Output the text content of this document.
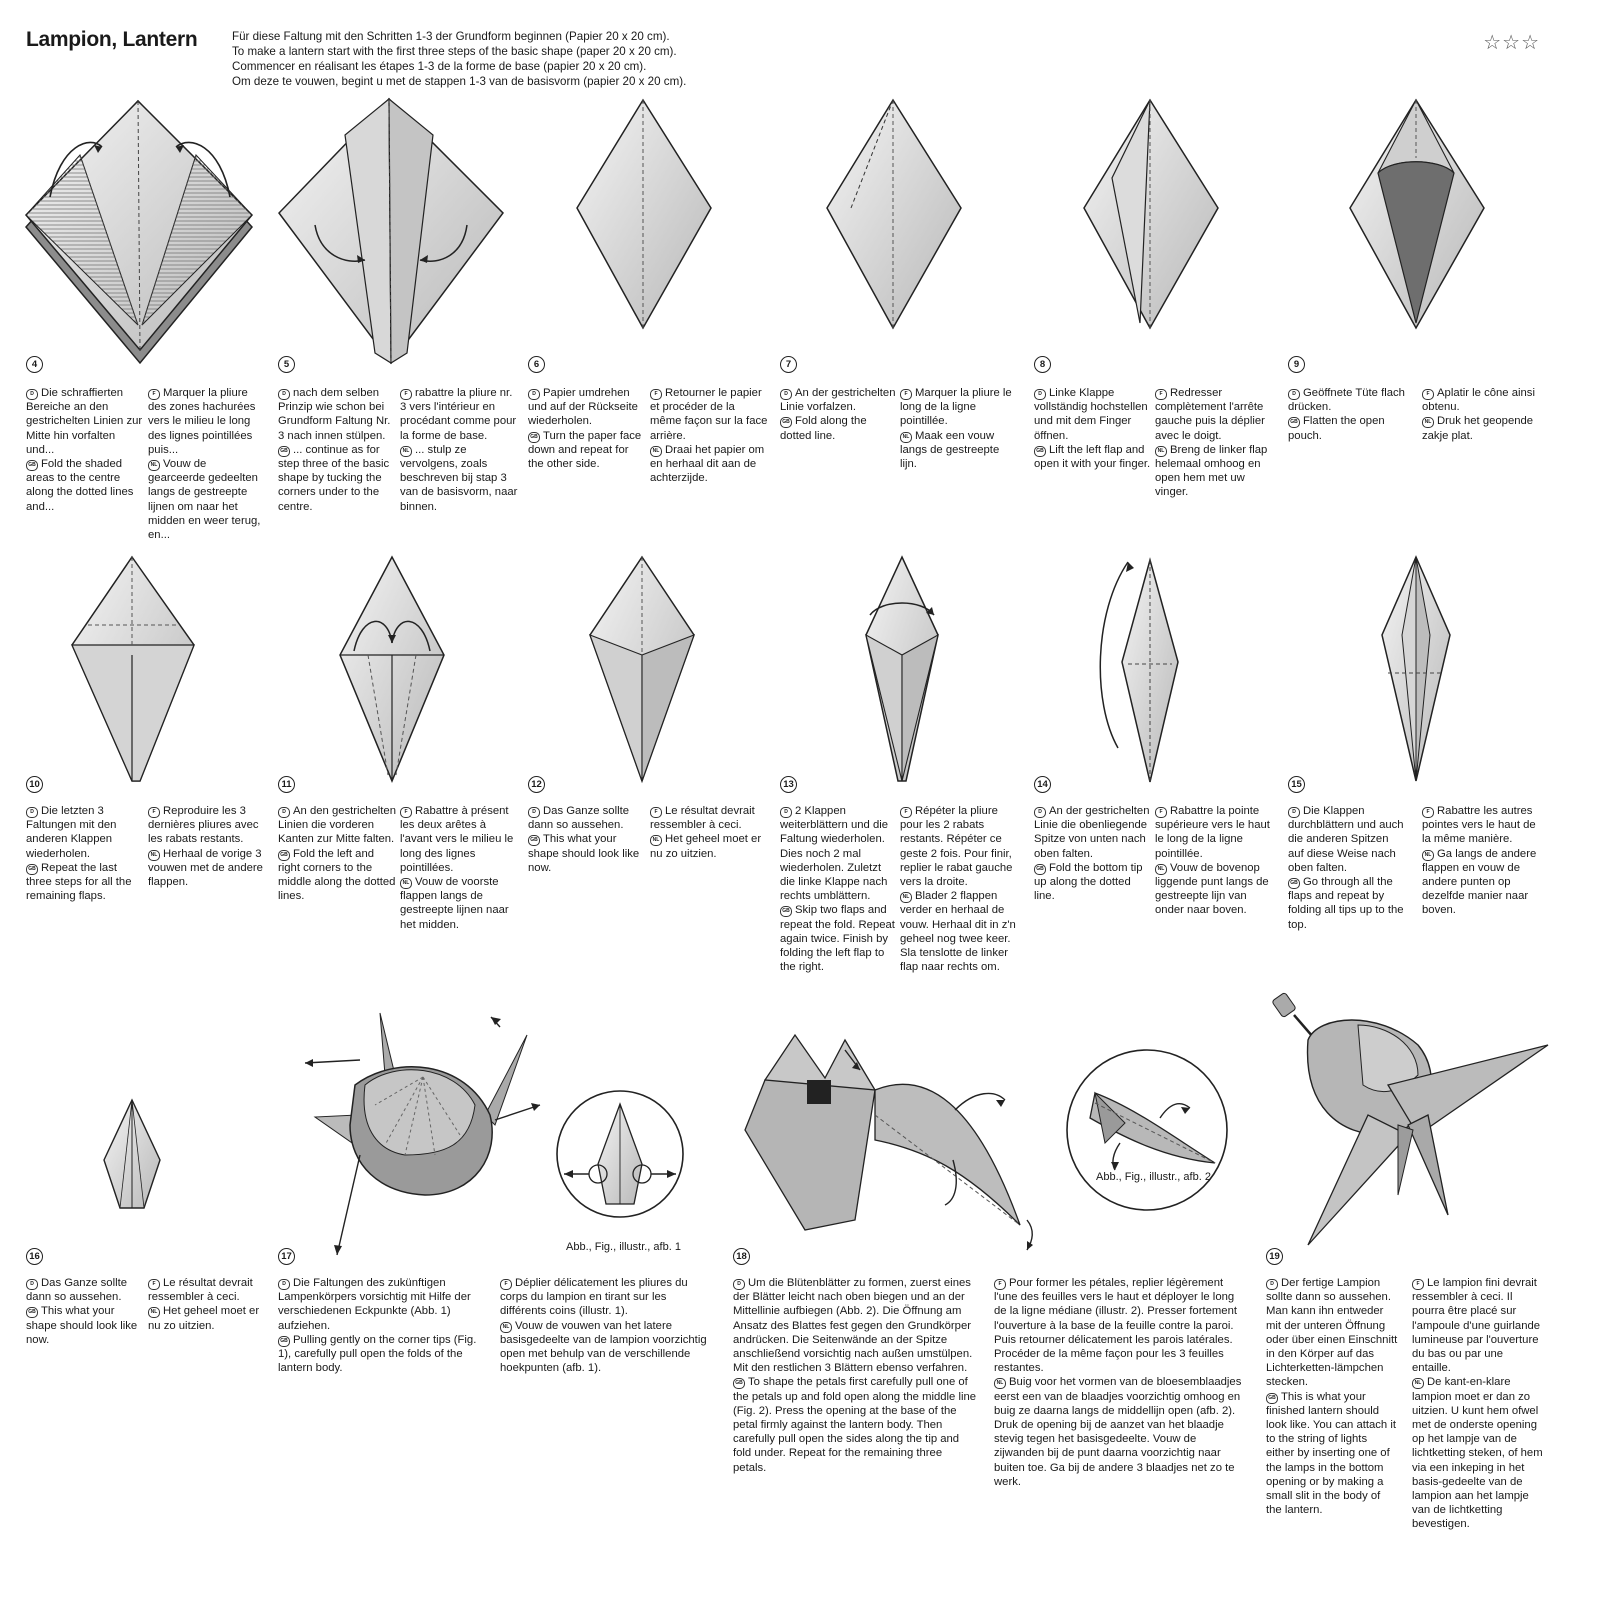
Lampion, Lantern	Für diese Faltung mit den Schritten 1-3 der Grundform beginnen (Papier 20 x 20 cm).
To make a lantern start with the first three steps of the basic shape (paper 20 x 20 cm).
Commencer en réalisant les étapes 1-3 de la forme de base (papier 20 x 20 cm).
Om deze te vouwen, begint u met de stappen 1-3 van de basisvorm (papier 20 x 20 cm).
☆☆☆
4

D Die schraffierten Bereiche an den gestrichelten Linien zur Mitte hin vorfalten und...

GB Fold the shaded areas to the centre along the dotted lines and...

F Marquer la pliure des zones hachurées vers le milieu le long des lignes pointillées puis...

NL Vouw de gearceerde gedeelten langs de gestreepte lijnen om naar het midden en weer terug, en...

5

D nach dem selben Prinzip wie schon bei Grundform Faltung Nr. 3 nach innen stülpen.

GB ... continue as for step three of the basic shape by tucking the corners under to the centre.

F rabattre la pliure nr. 3 vers l'intérieur en procédant comme pour la forme de base.

NL ... stulp ze vervolgens, zoals beschreven bij stap 3 van de basisvorm, naar binnen.

6

D Papier umdrehen und auf der Rückseite wiederholen.

GB Turn the paper face down and repeat for the other side.

F Retourner le papier et procéder de la même façon sur la face arrière.

NL Draai het papier om en herhaal dit aan de achterzijde.

7

D An der gestrichelten Linie vorfalzen.

GB Fold along the dotted line.

F Marquer la pliure le long de la ligne pointillée.

NL Maak een vouw langs de gestreepte lijn.

8

D Linke Klappe vollständig hochstellen und mit dem Finger öffnen.

GB Lift the left flap and open it with your finger.

F Redresser complètement l'arrête gauche puis la déplier avec le doigt.

NL Breng de linker flap helemaal omhoog en open hem met uw vinger.

9

D Geöffnete Tüte flach drücken.

GB Flatten the open pouch.

F Aplatir le cône ainsi obtenu.

NL Druk het geopende zakje plat.

10

D Die letzten 3 Faltungen mit den anderen Klappen wiederholen.

GB Repeat the last three steps for all the remaining flaps.

F Reproduire les 3 dernières pliures avec les rabats restants.

NL Herhaal de vorige 3 vouwen met de andere flappen.

11

D An den gestrichelten Linien die vorderen Kanten zur Mitte falten.

GB Fold the left and right corners to the middle along the dotted lines.

F Rabattre à présent les deux arêtes à l'avant vers le milieu le long des lignes pointillées.

NL Vouw de voorste flappen langs de gestreepte lijnen naar het midden.

12

D Das Ganze sollte dann so aussehen.

GB This what your shape should look like now.

F Le résultat devrait ressembler à ceci.

NL Het geheel moet er nu zo uitzien.

13

D 2 Klappen weiterblättern und die Faltung wiederholen. Dies noch 2 mal wiederholen. Zuletzt die linke Klappe nach rechts umblättern.

GB Skip two flaps and repeat the fold. Repeat again twice. Finish by folding the left flap to the right.

F Répéter la pliure pour les 2 rabats restants. Répéter ce geste 2 fois. Pour finir, replier le rabat gauche vers la droite.

NL Blader 2 flappen verder en herhaal de vouw. Herhaal dit in z'n geheel nog twee keer. Sla tenslotte de linker flap naar rechts om.

14

D An der gestrichelten Linie die obenliegende Spitze von unten nach oben falten.

GB Fold the bottom tip up along the dotted line.

F Rabattre la pointe supérieure vers le haut le long de la ligne pointillée.

NL Vouw de bovenop liggende punt langs de gestreepte lijn van onder naar boven.

15

D Die Klappen durchblättern und auch die anderen Spitzen auf diese Weise nach oben falten.

GB Go through all the flaps and repeat by folding all tips up to the top.

F Rabattre les autres pointes vers le haut de la même manière.

NL Ga langs de andere flappen en vouw de andere punten op dezelfde manier naar boven.

Abb., Fig., illustr., afb. 1
Abb., Fig., illustr., afb. 2
16

D Das Ganze sollte dann so aussehen.

GB This what your shape should look like now.

F Le résultat devrait ressembler à ceci.

NL Het geheel moet er nu zo uitzien.

17

D Die Faltungen des zukünftigen Lampenkörpers vorsichtig mit Hilfe der verschiedenen Eckpunkte (Abb. 1) aufziehen.

GB Pulling gently on the corner tips (Fig. 1), carefully pull open the folds of the lantern body.

F Déplier délicatement les pliures du corps du lampion en tirant sur les différents coins (illustr. 1).

NL Vouw de vouwen van het latere basisgedeelte van de lampion voorzichtig open met behulp van de verschillende hoekpunten (afb. 1).

18

D Um die Blütenblätter zu formen, zuerst eines der Blätter leicht nach oben biegen und an der Mittellinie aufbiegen (Abb. 2). Die Öffnung am Ansatz des Blattes fest gegen den Grundkörper andrücken. Die Seitenwände an der Spitze anschließend vorsichtig nach außen umstülpen. Mit den restlichen 3 Blättern ebenso verfahren.

GB To shape the petals first carefully pull one of the petals up and fold open along the middle line (Fig. 2). Press the opening at the base of the petal firmly against the lantern body. Then carefully pull open the sides along the tip and fold under. Repeat for the remaining three petals.

F Pour former les pétales, replier légèrement l'une des feuilles vers le haut et déployer le long de la ligne médiane (illustr. 2). Presser fortement l'ouverture à la base de la feuille contre la paroi. Puis retourner délicatement les parois latérales. Procéder de la même façon pour les 3 feuilles restantes.

NL Buig voor het vormen van de bloesemblaadjes eerst een van de blaadjes voorzichtig omhoog en buig ze daarna langs de middellijn open (afb. 2). Druk de opening bij de aanzet van het blaadje stevig tegen het basisgedeelte. Vouw de zijwanden bij de punt daarna voorzichtig naar buiten toe. Ga bij de andere 3 blaadjes net zo te werk.

19

D Der fertige Lampion sollte dann so aussehen. Man kann ihn entweder mit der unteren Öffnung oder über einen Einschnitt in den Körper auf das Lichterketten-lämpchen stecken.

GB This is what your finished lantern should look like. You can attach it to the string of lights either by inserting one of the lamps in the bottom opening or by making a small slit in the body of the lantern.

F Le lampion fini devrait ressembler à ceci. Il pourra être placé sur l'ampoule d'une guirlande lumineuse par l'ouverture du bas ou par une entaille.

NL De kant-en-klare lampion moet er dan zo uitzien. U kunt hem ofwel met de onderste opening op het lampje van de lichtketting steken, of hem via een inkeping in het basis-gedeelte van de lampion aan het lampje van de lichtketting bevestigen.
